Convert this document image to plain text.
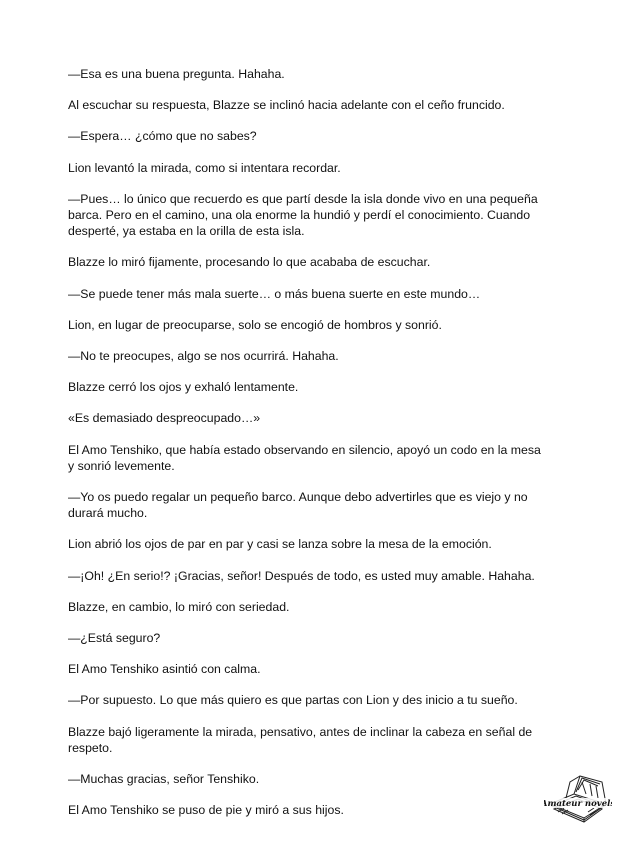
—Esa es una buena pregunta. Hahaha.

Al escuchar su respuesta, Blazze se inclinó hacia adelante con el ceño fruncido.

—Espera… ¿cómo que no sabes?

Lion levantó la mirada, como si intentara recordar.

—Pues… lo único que recuerdo es que partí desde la isla donde vivo en una pequeña barca. Pero en el camino, una ola enorme la hundió y perdí el conocimiento. Cuando desperté, ya estaba en la orilla de esta isla.

Blazze lo miró fijamente, procesando lo que acababa de escuchar.

—Se puede tener más mala suerte… o más buena suerte en este mundo…

Lion, en lugar de preocuparse, solo se encogió de hombros y sonrió.

—No te preocupes, algo se nos ocurrirá. Hahaha.

Blazze cerró los ojos y exhaló lentamente.

«Es demasiado despreocupado…»

El Amo Tenshiko, que había estado observando en silencio, apoyó un codo en la mesa y sonrió levemente.

—Yo os puedo regalar un pequeño barco. Aunque debo advertirles que es viejo y no durará mucho.

Lion abrió los ojos de par en par y casi se lanza sobre la mesa de la emoción.

—¡Oh! ¿En serio!? ¡Gracias, señor! Después de todo, es usted muy amable. Hahaha.

Blazze, en cambio, lo miró con seriedad.

—¿Está seguro?

El Amo Tenshiko asintió con calma.

—Por supuesto. Lo que más quiero es que partas con Lion y des inicio a tu sueño.

Blazze bajó ligeramente la mirada, pensativo, antes de inclinar la cabeza en señal de respeto.

—Muchas gracias, señor Tenshiko.

El Amo Tenshiko se puso de pie y miró a sus hijos.	Amateur novels
